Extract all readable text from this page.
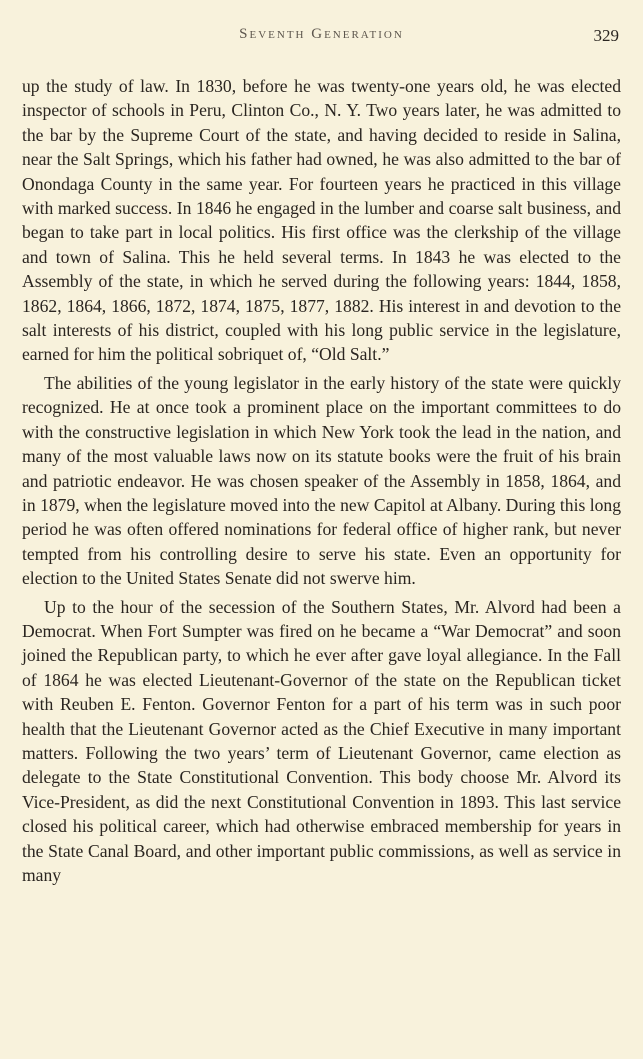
Seventh Generation	329

up the study of law. In 1830, before he was twenty-one years old, he was elected inspector of schools in Peru, Clinton Co., N. Y. Two years later, he was admitted to the bar by the Supreme Court of the state, and having decided to reside in Salina, near the Salt Springs, which his father had owned, he was also admitted to the bar of Onondaga County in the same year. For fourteen years he practiced in this village with marked success. In 1846 he engaged in the lumber and coarse salt business, and began to take part in local politics. His first office was the clerkship of the village and town of Salina. This he held several terms. In 1843 he was elected to the Assembly of the state, in which he served during the following years: 1844, 1858, 1862, 1864, 1866, 1872, 1874, 1875, 1877, 1882. His interest in and devotion to the salt interests of his district, coupled with his long public service in the legislature, earned for him the political sobriquet of, “Old Salt.”

The abilities of the young legislator in the early history of the state were quickly recognized. He at once took a prominent place on the important committees to do with the constructive legislation in which New York took the lead in the nation, and many of the most valuable laws now on its statute books were the fruit of his brain and patriotic endeavor. He was chosen speaker of the Assembly in 1858, 1864, and in 1879, when the legislature moved into the new Capitol at Albany. During this long period he was often offered nominations for federal office of higher rank, but never tempted from his controlling desire to serve his state. Even an opportunity for election to the United States Senate did not swerve him.

Up to the hour of the secession of the Southern States, Mr. Alvord had been a Democrat. When Fort Sumpter was fired on he became a “War Democrat” and soon joined the Republican party, to which he ever after gave loyal allegiance. In the Fall of 1864 he was elected Lieutenant-Governor of the state on the Republican ticket with Reuben E. Fenton. Governor Fenton for a part of his term was in such poor health that the Lieutenant Governor acted as the Chief Executive in many important matters. Following the two years’ term of Lieutenant Governor, came election as delegate to the State Constitutional Convention. This body choose Mr. Alvord its Vice-President, as did the next Constitutional Convention in 1893. This last service closed his political career, which had otherwise embraced membership for years in the State Canal Board, and other important public commissions, as well as service in many
